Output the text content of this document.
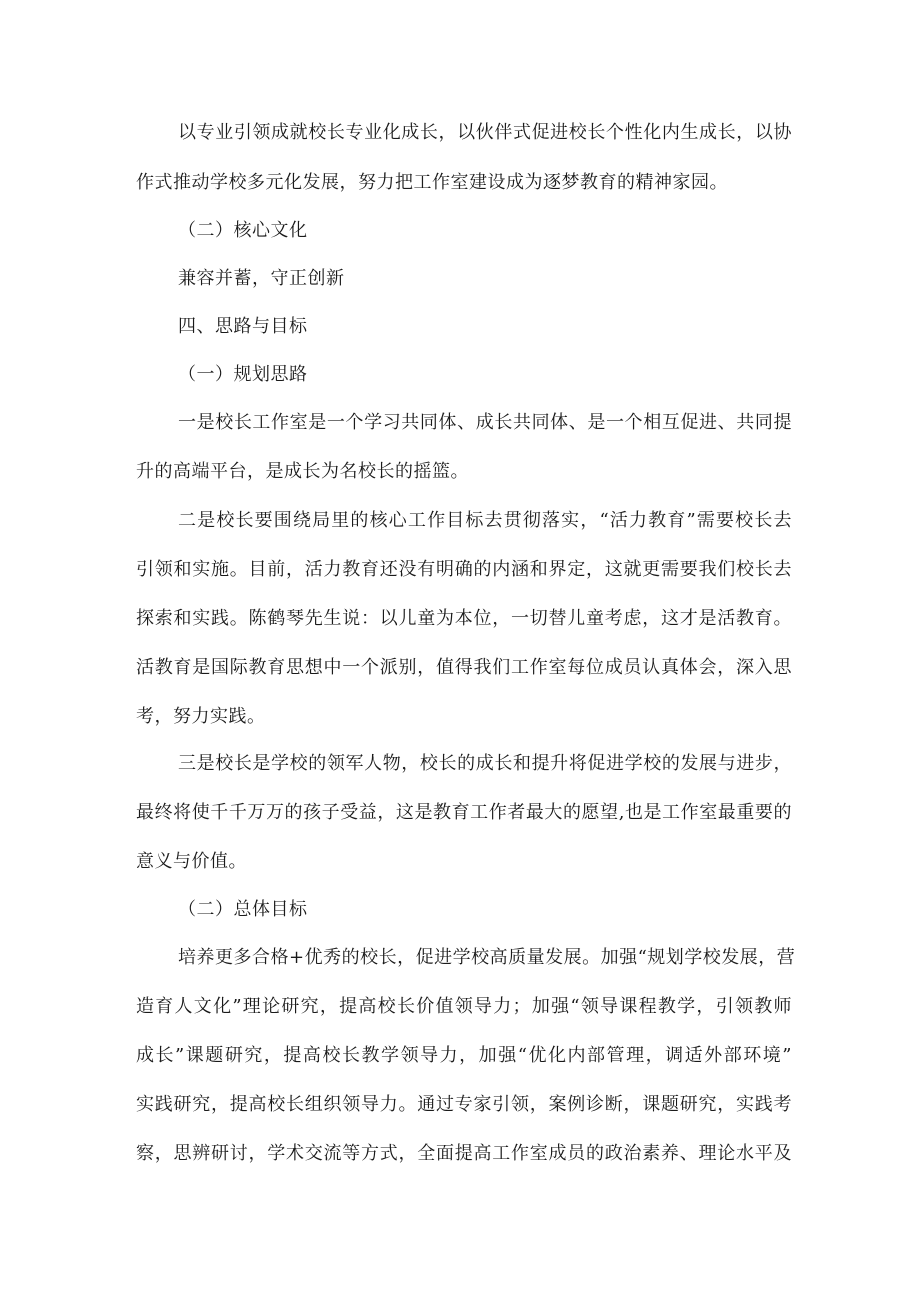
以专业引领成就校长专业化成长，以伙伴式促进校长个性化内生成长，以协
作式推动学校多元化发展，努力把工作室建设成为逐梦教育的精神家园。
（二）核心文化
兼容并蓄，守正创新
四、思路与目标
（一）规划思路
一是校长工作室是一个学习共同体、成长共同体、是一个相互促进、共同提
升的高端平台，是成长为名校长的摇篮。
二是校长要围绕局里的核心工作目标去贯彻落实，“活力教育”需要校长去
引领和实施。目前，活力教育还没有明确的内涵和界定，这就更需要我们校长去
探索和实践。陈鹤琴先生说：以儿童为本位，一切替儿童考虑，这才是活教育。
活教育是国际教育思想中一个派别，值得我们工作室每位成员认真体会，深入思
考，努力实践。
三是校长是学校的领军人物，校长的成长和提升将促进学校的发展与进步，
最终将使千千万万的孩子受益，这是教育工作者最大的愿望,也是工作室最重要的
意义与价值。
（二）总体目标
培养更多合格+优秀的校长，促进学校高质量发展。加强“规划学校发展，营
造育人文化”理论研究，提高校长价值领导力；加强“领导课程教学，引领教师
成长”课题研究，提高校长教学领导力，加强“优化内部管理，调适外部环境”
实践研究，提高校长组织领导力。通过专家引领，案例诊断，课题研究，实践考
察，思辨研讨，学术交流等方式，全面提高工作室成员的政治素养、理论水平及
